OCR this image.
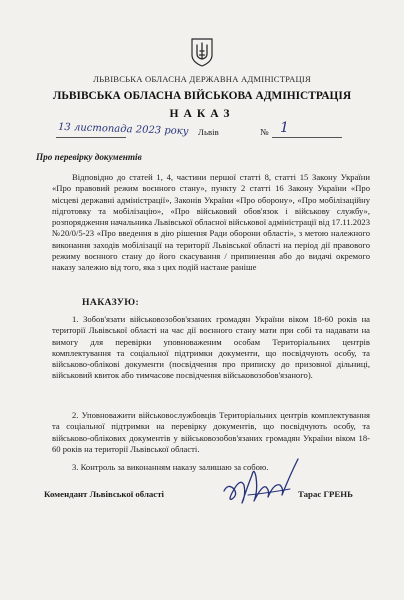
ЛЬВІВСЬКА ОБЛАСНА ДЕРЖАВНА АДМІНІСТРАЦІЯ
ЛЬВІВСЬКА ОБЛАСНА ВІЙСЬКОВА АДМІНІСТРАЦІЯ
НАКАЗ
13 листопада 2023 року Львів	№ 1
Про перевірку документів
Відповідно до статей 1, 4, частини першої статті 8, статті 15 Закону України «Про правовий режим воєнного стану», пункту 2 статті 16 Закону України «Про місцеві державні адміністрації», Законів України «Про оборону», «Про мобілізаційну підготовку та мобілізацію», «Про військовий обов'язок і військову службу», розпорядження начальника Львівської обласної військової адміністрації від 17.11.2023 №20/0/5-23 «Про введення в дію рішення Ради оборони області», з метою належного виконання заходів мобілізації на території Львівської області на період дії правового режиму воєнного стану до його скасування / припинення або до видачі окремого наказу залежно від того, яка з цих подій настане раніше
НАКАЗУЮ:
1. Зобов'язати військовозобов'язаних громадян України віком 18-60 років на території Львівської області на час дії воєнного стану мати при собі та надавати на вимогу для перевірки уповноваженим особам Територіальних центрів комплектування та соціальної підтримки документи, що посвідчують особу, та військово-облікові документи (посвідчення про приписку до призовної дільниці, військовий квиток або тимчасове посвідчення військовозобов'язаного).
2. Уповноважити військовослужбовців Територіальних центрів комплектування та соціальної підтримки на перевірку документів, що посвідчують особу, та військово-облікових документів у військовозобов'язаних громадян України віком 18-60 років на території Львівської області.
3. Контроль за виконанням наказу залишаю за собою.
Комендант Львівської області	Тарас ГРЕНЬ
